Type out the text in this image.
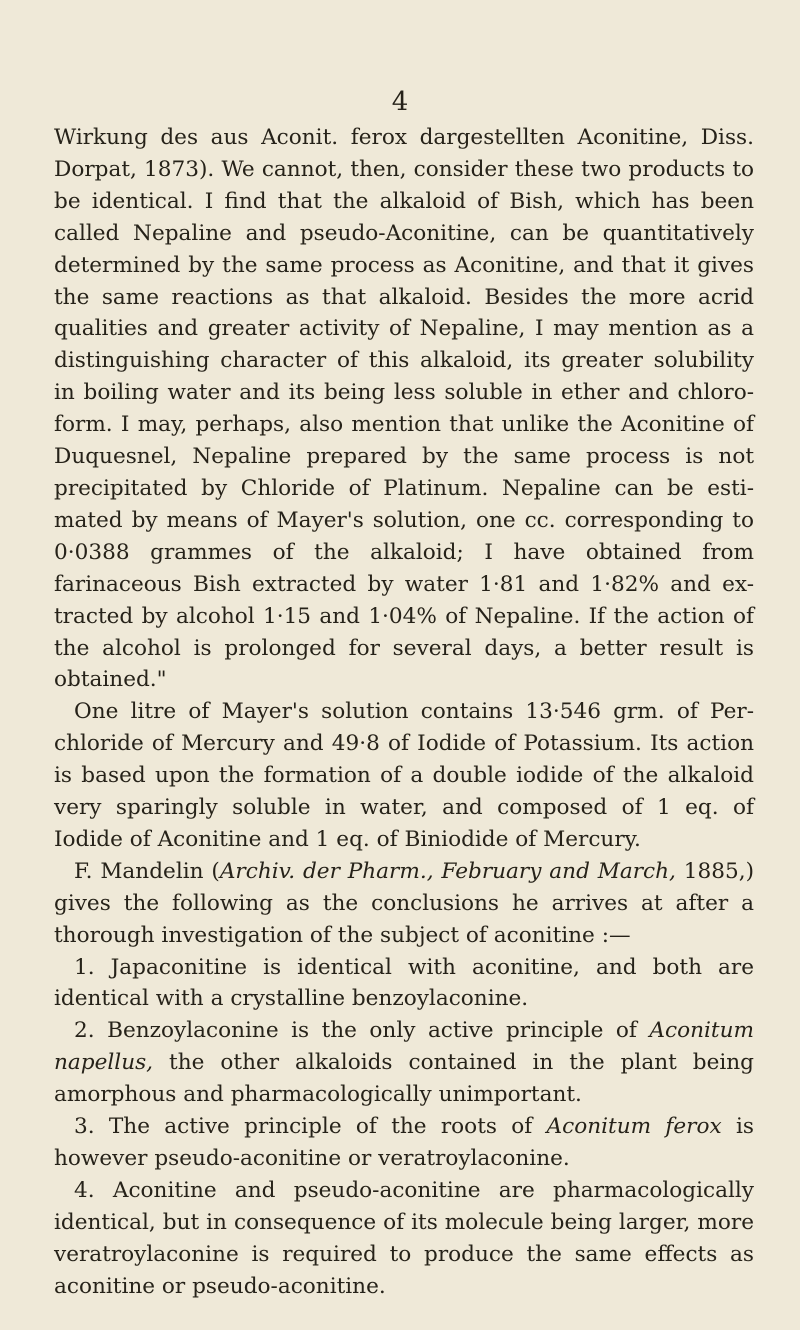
4

Wirkung des aus Aconit. ferox dargestellten Aconitine, Diss. Dorpat, 1873). We cannot, then, consider these two products to be identical. I find that the alkaloid of Bish, which has been called Nepaline and pseudo-Aconitine, can be quantitatively determined by the same process as Aconitine, and that it gives the same reactions as that alkaloid. Besides the more acrid qualities and greater activity of Nepaline, I may mention as a distinguishing character of this alkaloid, its greater solubility in boiling water and its being less soluble in ether and chloro-form. I may, perhaps, also mention that unlike the Aconitine of Duquesnel, Nepaline prepared by the same process is not precipitated by Chloride of Platinum. Nepaline can be esti-mated by means of Mayer's solution, one cc. corresponding to 0·0388 grammes of the alkaloid; I have obtained from farinaceous Bish extracted by water 1·81 and 1·82% and ex-tracted by alcohol 1·15 and 1·04% of Nepaline. If the action of the alcohol is prolonged for several days, a better result is obtained."

One litre of Mayer's solution contains 13·546 grm. of Per-chloride of Mercury and 49·8 of Iodide of Potassium. Its action is based upon the formation of a double iodide of the alkaloid very sparingly soluble in water, and composed of 1 eq. of Iodide of Aconitine and 1 eq. of Biniodide of Mercury.

F. Mandelin (Archiv. der Pharm., February and March, 1885,) gives the following as the conclusions he arrives at after a thorough investigation of the subject of aconitine :—

1. Japaconitine is identical with aconitine, and both are identical with a crystalline benzoylaconine.

2. Benzoylaconine is the only active principle of Aconitum napellus, the other alkaloids contained in the plant being amorphous and pharmacologically unimportant.

3. The active principle of the roots of Aconitum ferox is however pseudo-aconitine or veratroylaconine.

4. Aconitine and pseudo-aconitine are pharmacologically identical, but in consequence of its molecule being larger, more veratroylaconine is required to produce the same effects as aconitine or pseudo-aconitine.
